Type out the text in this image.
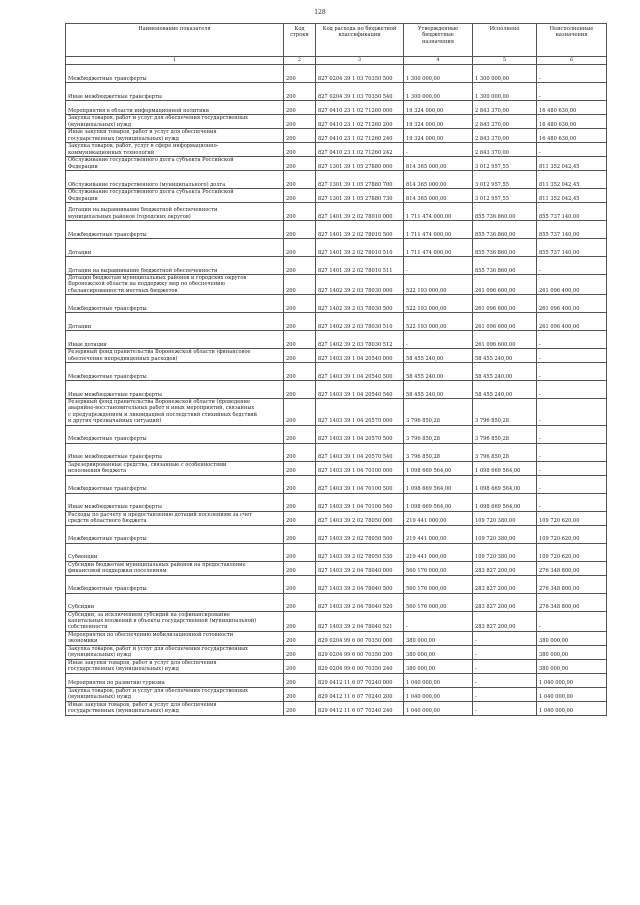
128
Наименование показателя	Код строки	Код расхода по бюджетной классификации	Утвержденные бюджетные назначения	Исполнено	Неисполненные назначения
1	2	3	4	5	6

Межбюджетные трансферты	200	827 0204 39 1 03 70350 500	1 300 000,00	1 300 000,00	-

Иные межбюджетные трансферты	200	827 0204 39 1 03 70350 540	1 300 000,00	1 300 000,00	-

Мероприятия в области информационной политики	200	827 0410 23 1 02 71260 000	19 324 000,00	2 843 370,00	16 480 630,00

Закупка товаров, работ и услуг для обеспечения государственных
(муниципальных) нужд	200	827 0410 23 1 02 71260 200	19 324 000,00	2 843 370,00	16 480 630,00

Иные закупки товаров, работ и услуг для обеспечения
государственных (муниципальных) нужд	200	827 0410 23 1 02 71260 240	19 324 000,00	2 843 370,00	16 480 630,00

Закупка товаров, работ, услуг в сфере информационно-
коммуникационных технологий	200	827 0410 23 1 02 71260 242	-	2 843 370,00	-

Обслуживание государственного долга субъекта Российской
Федерации	200	827 1301 39 1 05 27880 000	814 365 000,00	3 012 957,55	811 352 042,45

Обслуживание государственного (муниципального) долга	200	827 1301 39 1 05 27880 700	814 365 000,00	3 012 957,55	811 352 042,45

Обслуживание государственного долга субъекта Российской
Федерации	200	827 1301 39 1 05 27880 730	814 365 000,00	3 012 957,55	811 352 042,45

Дотации на выравнивание бюджетной обеспеченности
муниципальных районов (городских округов)	200	827 1401 39 2 02 78010 000	1 711 474 000,00	855 736 860,00	855 737 140,00

Межбюджетные трансферты	200	827 1401 39 2 02 78010 500	1 711 474 000,00	855 736 860,00	855 737 140,00

Дотации	200	827 1401 39 2 02 78010 510	1 711 474 000,00	855 736 860,00	855 737 140,00

Дотации на выравнивание бюджетной обеспеченности	200	827 1401 39 2 02 78010 511	-	855 736 860,00	-

Дотации бюджетам муниципальных районов и городских округов
Воронежской области на поддержку мер по обеспечению
сбалансированности местных бюджетов	200	827 1402 39 2 03 78030 000	522 193 000,00	261 096 600,00	261 096 400,00

Межбюджетные трансферты	200	827 1402 39 2 03 78030 500	522 193 000,00	261 096 600,00	261 096 400,00

Дотации	200	827 1402 39 2 03 78030 510	522 193 000,00	261 096 600,00	261 096 400,00

Иные дотации	200	827 1402 39 2 03 78030 512	-	261 096 600,00	-

Резервный фонд правительства Воронежской области (финансовое
обеспечение непредвиденных расходов)	200	827 1403 39 1 04 20540 000	58 455 240,00	58 455 240,00	-

Межбюджетные трансферты	200	827 1403 39 1 04 20540 500	58 455 240,00	58 455 240,00	-

Иные межбюджетные трансферты	200	827 1403 39 1 04 20540 540	58 455 240,00	58 455 240,00	-

Резервный фонд правительства Воронежской области (проведение
аварийно-восстановительных работ и иных мероприятий, связанных
с предупреждением и ликвидацией последствий стихийных бедствий
и других чрезвычайных ситуаций)	200	827 1403 39 1 04 20570 000	3 796 850,28	3 796 850,28	-

Межбюджетные трансферты	200	827 1403 39 1 04 20570 500	3 796 850,28	3 796 850,28	-

Иные межбюджетные трансферты	200	827 1403 39 1 04 20570 540	3 796 850,28	3 796 850,28	-

Зарезервированные средства, связанные с особенностями
исполнения бюджета	200	827 1403 39 1 04 70100 000	1 098 669 564,00	1 098 669 564,00	-

Межбюджетные трансферты	200	827 1403 39 1 04 70100 500	1 098 669 564,00	1 098 669 564,00	-

Иные межбюджетные трансферты	200	827 1403 39 1 04 70100 540	1 098 669 564,00	1 098 669 564,00	-

Расходы по расчету и предоставлению дотаций поселениям за счет
средств областного бюджета	200	827 1403 39 2 02 78050 000	219 441 000,00	109 720 380,00	109 720 620,00

Межбюджетные трансферты	200	827 1403 39 2 02 78050 500	219 441 000,00	109 720 380,00	109 720 620,00

Субвенции	200	827 1403 39 2 02 78050 530	219 441 000,00	109 720 380,00	109 720 620,00

Субсидии бюджетам муниципальных районов на предоставление
финансовой поддержки поселениям	200	827 1403 39 2 04 78040 000	560 176 000,00	283 827 200,00	276 348 800,00

Межбюджетные трансферты	200	827 1403 39 2 04 78040 500	560 176 000,00	283 827 200,00	276 348 800,00

Субсидии	200	827 1403 39 2 04 78040 520	560 176 000,00	283 827 200,00	276 348 800,00

Субсидии, за исключением субсидий на софинансирование
капитальных вложений в объекты государственной (муниципальной)
собственности	200	827 1403 39 2 04 78040 521	-	283 827 200,00	-

Мероприятия по обеспечению мобилизационной готовности
экономики	200	829 0204 99 6 00 70350 000	380 000,00	-	380 000,00

Закупка товаров, работ и услуг для обеспечения государственных
(муниципальных) нужд	200	829 0204 99 6 00 70350 200	380 000,00	-	380 000,00

Иные закупки товаров, работ и услуг для обеспечения
государственных (муниципальных) нужд	200	829 0204 99 6 00 70350 240	380 000,00	-	380 000,00

Мероприятия по развитию туризма	200	829 0412 11 6 07 70240 000	1 040 000,00	-	1 040 000,00

Закупка товаров, работ и услуг для обеспечения государственных
(муниципальных) нужд	200	829 0412 11 6 07 70240 200	1 040 000,00	-	1 040 000,00

Иные закупки товаров, работ и услуг для обеспечения
государственных (муниципальных) нужд	200	829 0412 11 6 07 70240 240	1 040 000,00	-	1 040 000,00
